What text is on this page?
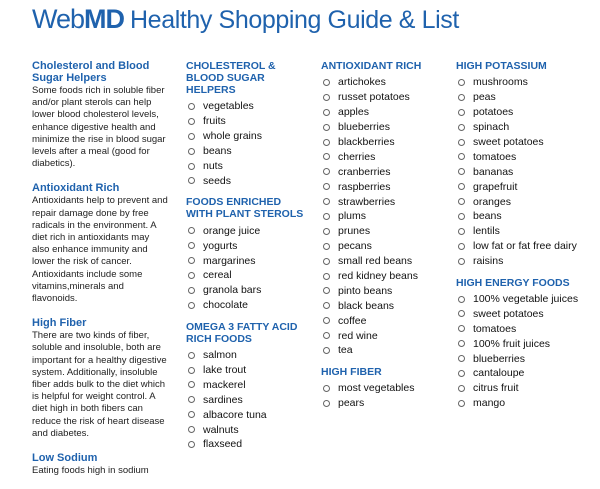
WebMD Healthy Shopping Guide & List
Cholesterol and Blood Sugar Helpers

Some foods rich in soluble fiber and/or plant sterols can help lower blood cholesterol levels, enhance digestive health and minimize the rise in blood sugar levels after a meal (good for diabetics).

Antioxidant Rich

Antioxidants help to prevent and repair damage done by free radicals in the environment. A diet rich in antioxidants may also enhance immunity and lower the risk of cancer. Antioxidants include some vitamins,minerals and flavonoids.

High Fiber

There are two kinds of fiber, soluble and insoluble, both are important for a healthy digestive system. Additionally, insoluble fiber adds bulk to the diet which is helpful for weight control. A diet high in both fibers can reduce the risk of heart disease and diabetes.

Low Sodium

Eating foods high in sodium

CHOLESTEROL & BLOOD SUGAR HELPERS
vegetables
fruits
whole grains
beans
nuts
seeds
FOODS ENRICHED WITH PLANT STEROLS
orange juice
yogurts
margarines
cereal
granola bars
chocolate
OMEGA 3 FATTY ACID RICH FOODS
salmon
lake trout
mackerel
sardines
albacore tuna
walnuts
flaxseed
ANTIOXIDANT RICH
artichokes
russet potatoes
apples
blueberries
blackberries
cherries
cranberries
raspberries
strawberries
plums
prunes
pecans
small red beans
red kidney beans
pinto beans
black beans
coffee
red wine
tea
HIGH FIBER
most vegetables
pears
HIGH POTASSIUM
mushrooms
peas
potatoes
spinach
sweet potatoes
tomatoes
bananas
grapefruit
oranges
beans
lentils
low fat or fat free dairy
raisins
HIGH ENERGY FOODS
100% vegetable juices
sweet potatoes
tomatoes
100% fruit juices
blueberries
cantaloupe
citrus fruit
mango
